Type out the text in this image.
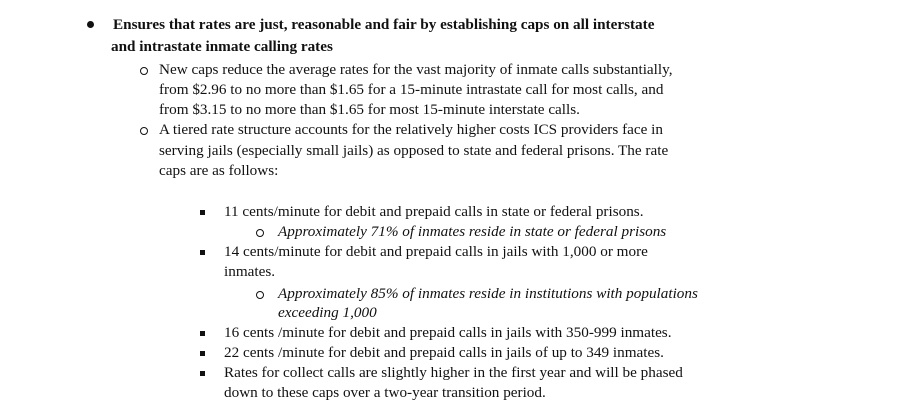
Ensures that rates are just, reasonable and fair by establishing caps on all interstate
and intrastate inmate calling rates
New caps reduce the average rates for the vast majority of inmate calls substantially,
from $2.96 to no more than $1.65 for a 15-minute intrastate call for most calls, and
from $3.15 to no more than $1.65 for most 15-minute interstate calls.
A tiered rate structure accounts for the relatively higher costs ICS providers face in
serving jails (especially small jails) as opposed to state and federal prisons. The rate
caps are as follows:
11 cents/minute for debit and prepaid calls in state or federal prisons.
Approximately 71% of inmates reside in state or federal prisons
14 cents/minute for debit and prepaid calls in jails with 1,000 or more
inmates.
Approximately 85% of inmates reside in institutions with populations
exceeding 1,000
16 cents /minute for debit and prepaid calls in jails with 350-999 inmates.
22 cents /minute for debit and prepaid calls in jails of up to 349 inmates.
Rates for collect calls are slightly higher in the first year and will be phased
down to these caps over a two-year transition period.
